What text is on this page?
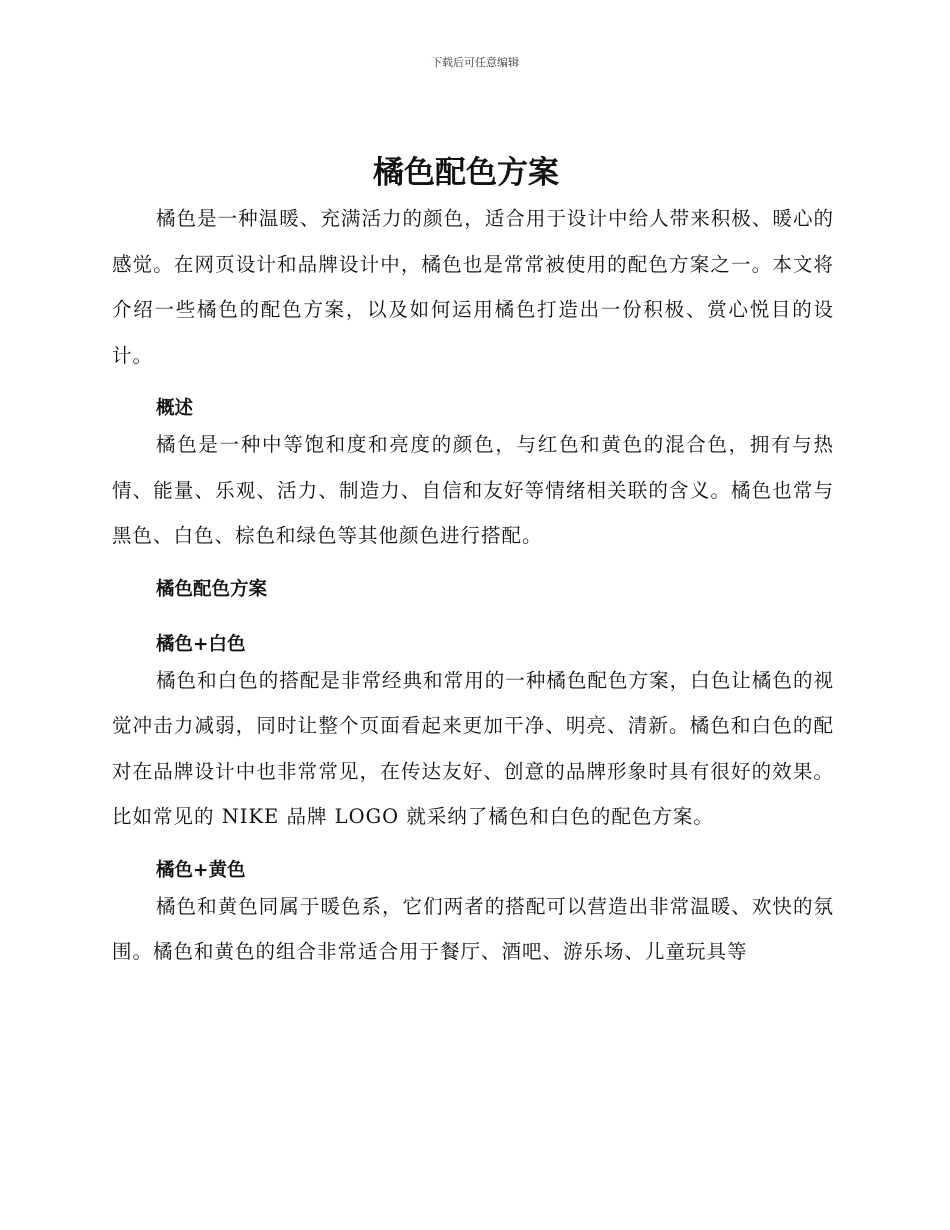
下载后可任意编辑
橘色配色方案

橘色是一种温暖、充满活力的颜色，适合用于设计中给人带来积极、暖心的感觉。在网页设计和品牌设计中，橘色也是常常被使用的配色方案之一。本文将介绍一些橘色的配色方案，以及如何运用橘色打造出一份积极、赏心悦目的设计。

概述

橘色是一种中等饱和度和亮度的颜色，与红色和黄色的混合色，拥有与热情、能量、乐观、活力、制造力、自信和友好等情绪相关联的含义。橘色也常与黑色、白色、棕色和绿色等其他颜色进行搭配。

橘色配色方案
橘色+白色

橘色和白色的搭配是非常经典和常用的一种橘色配色方案，白色让橘色的视觉冲击力减弱，同时让整个页面看起来更加干净、明亮、清新。橘色和白色的配对在品牌设计中也非常常见，在传达友好、创意的品牌形象时具有很好的效果。比如常见的 NIKE 品牌 LOGO 就采纳了橘色和白色的配色方案。

橘色+黄色

橘色和黄色同属于暖色系，它们两者的搭配可以营造出非常温暖、欢快的氛围。橘色和黄色的组合非常适合用于餐厅、酒吧、游乐场、儿童玩具等
